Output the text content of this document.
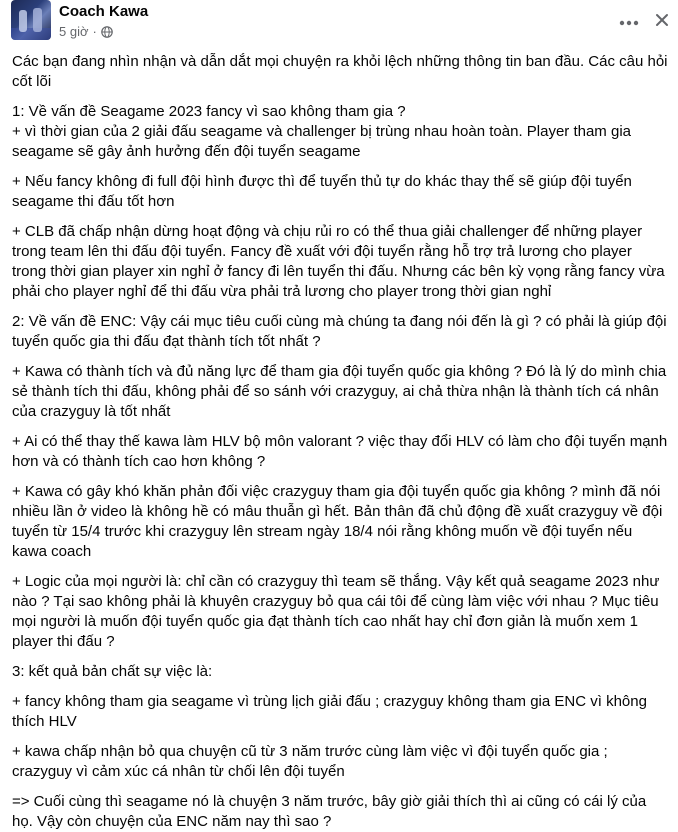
Coach Kawa
5 giờ ·

Các bạn đang nhìn nhận và dẫn dắt mọi chuyện ra khỏi lệch những thông tin ban đầu. Các câu hỏi cốt lõi

1: Về vấn đề Seagame 2023 fancy vì sao không tham gia ?
+ vì thời gian của 2 giải đấu seagame và challenger bị trùng nhau hoàn toàn. Player tham gia seagame sẽ gây ảnh hưởng đến đội tuyển seagame

+ Nếu fancy không đi full đội hình được thì để tuyển thủ tự do khác thay thế sẽ giúp đội tuyển seagame thi đấu tốt hơn

+ CLB đã chấp nhận dừng hoạt động và chịu rủi ro có thể thua giải challenger để những player trong team lên thi đấu đội tuyển. Fancy đề xuất với đội tuyển rằng hỗ trợ trả lương cho player trong thời gian player xin nghỉ ở fancy đi lên tuyển thi đấu. Nhưng các bên kỳ vọng rằng fancy vừa phải cho player nghỉ để thi đấu vừa phải trả lương cho player trong thời gian nghỉ

2: Về vấn đề ENC: Vậy cái mục tiêu cuối cùng mà chúng ta đang nói đến là gì ? có phải là giúp đội tuyển quốc gia thi đấu đạt thành tích tốt nhất ?

+ Kawa có thành tích và đủ năng lực để tham gia đội tuyển quốc gia không ? Đó là lý do mình chia sẻ thành tích thi đấu, không phải để so sánh với crazyguy, ai chả thừa nhận là thành tích cá nhân của crazyguy là tốt nhất

+ Ai có thể thay thế kawa làm HLV bộ môn valorant ? việc thay đổi HLV có làm cho đội tuyển mạnh hơn và có thành tích cao hơn không ?

+ Kawa có gây khó khăn phản đối việc crazyguy tham gia đội tuyển quốc gia không ? mình đã nói nhiều lần ở video là không hề có mâu thuẫn gì hết. Bản thân đã chủ động đề xuất crazyguy về đội tuyển từ 15/4 trước khi crazyguy lên stream ngày 18/4 nói rằng không muốn về đội tuyển nếu kawa coach

+ Logic của mọi người là: chỉ cần có crazyguy thì team sẽ thắng. Vậy kết quả seagame 2023 như nào ? Tại sao không phải là khuyên crazyguy bỏ qua cái tôi để cùng làm việc với nhau ? Mục tiêu mọi người là muốn đội tuyển quốc gia đạt thành tích cao nhất hay chỉ đơn giản là muốn xem 1 player thi đấu ?

3: kết quả bản chất sự việc là:

+ fancy không tham gia seagame vì trùng lịch giải đấu ; crazyguy không tham gia ENC vì không thích HLV

+ kawa chấp nhận bỏ qua chuyện cũ từ 3 năm trước cùng làm việc vì đội tuyển quốc gia ; crazyguy vì cảm xúc cá nhân từ chối lên đội tuyển

=> Cuối cùng thì seagame nó là chuyện 3 năm trước, bây giờ giải thích thì ai cũng có cái lý của họ. Vậy còn chuyện của ENC năm nay thì sao ?
